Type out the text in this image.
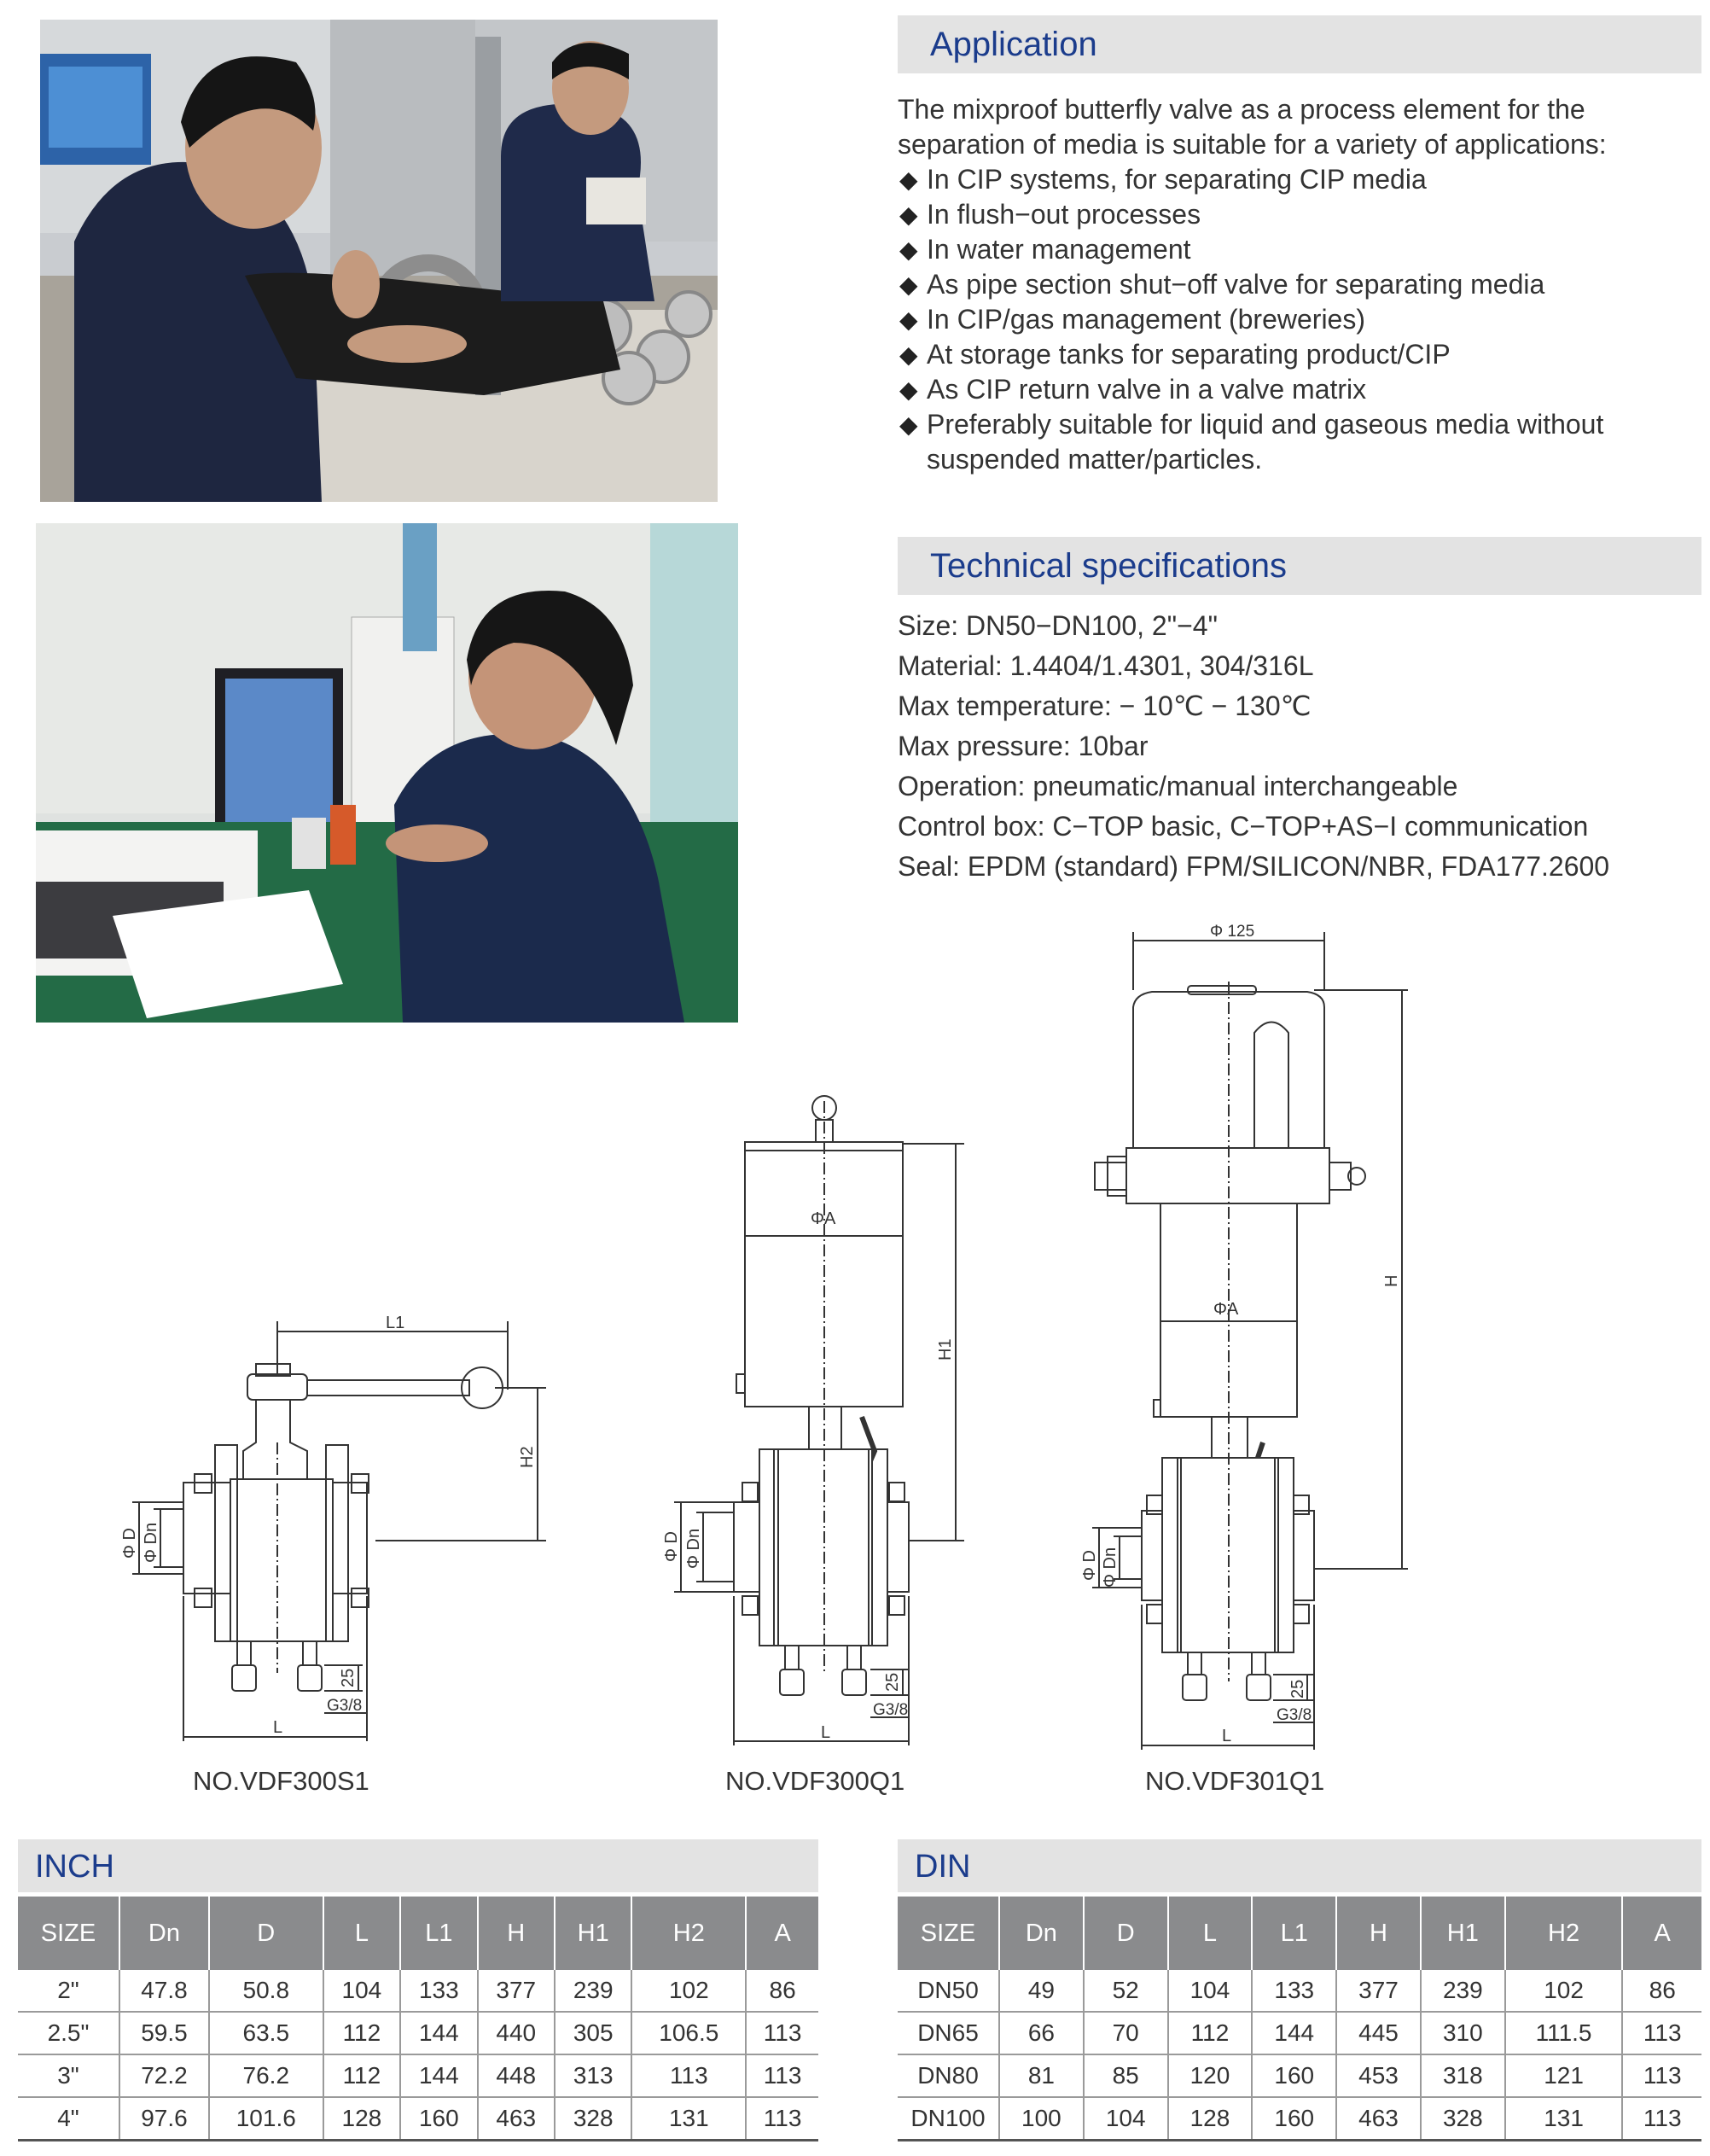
Application
The mixproof butterfly valve as a process element for the separation of media is suitable for a variety of applications:
◆ In CIP systems, for separating CIP media
◆ In flush−out processes
◆ In water management
◆ As pipe section shut−off valve for separating media
◆ In CIP/gas management (breweries)
◆ At storage tanks for separating product/CIP
◆ As CIP return valve in a valve matrix
◆ Preferably suitable for liquid and gaseous media without suspended matter/particles.
Technical specifications
Size: DN50−DN100, 2"−4"
Material: 1.4404/1.4301, 304/316L
Max temperature: − 10℃ − 130℃
Max pressure: 10bar
Operation: pneumatic/manual interchangeable
Control box: C−TOP basic, C−TOP+AS−I communication
Seal: EPDM (standard) FPM/SILICON/NBR, FDA177.2600
L1
L
G3/8
H2
Φ D Φ Dn
25
ΦA
L
G3/8
H1
Φ D Φ Dn
25
Φ 125
ΦA
L
G3/8
H
Φ D Φ Dn
25
NO.VDF300S1	NO.VDF300Q1	NO.VDF301Q1
INCH
SIZE	Dn	D	L	L1	H	H1	H2	A
2"	47.8	50.8	104	133	377	239	102	86
2.5"	59.5	63.5	112	144	440	305	106.5	113
3"	72.2	76.2	112	144	448	313	113	113
4"	97.6	101.6	128	160	463	328	131	113
DIN
SIZE	Dn	D	L	L1	H	H1	H2	A
DN50	49	52	104	133	377	239	102	86
DN65	66	70	112	144	445	310	111.5	113
DN80	81	85	120	160	453	318	121	113
DN100	100	104	128	160	463	328	131	113
